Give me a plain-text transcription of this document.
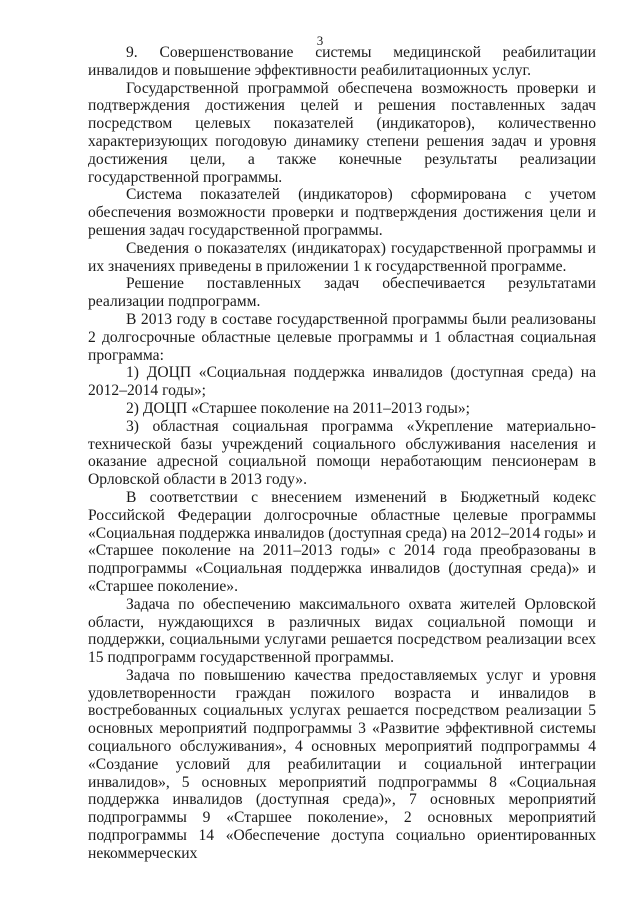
3

9. Совершенствование системы медицинской реабилитации инвалидов и повышение эффективности реабилитационных услуг.

Государственной программой обеспечена возможность проверки и подтверждения достижения целей и решения поставленных задач посредством целевых показателей (индикаторов), количественно характеризующих погодовую динамику степени решения задач и уровня достижения цели, а также конечные результаты реализации государственной программы.

Система показателей (индикаторов) сформирована с учетом обеспечения возможности проверки и подтверждения достижения цели и решения задач государственной программы.

Сведения о показателях (индикаторах) государственной программы и их значениях приведены в приложении 1 к государственной программе.

Решение поставленных задач обеспечивается результатами реализации подпрограмм.

В 2013 году в составе государственной программы были реализованы 2 долгосрочные областные целевые программы и 1 областная социальная программа:

1) ДОЦП «Социальная поддержка инвалидов (доступная среда) на 2012–2014 годы»;

2) ДОЦП «Старшее поколение на 2011–2013 годы»;

3) областная социальная программа «Укрепление материально-технической базы учреждений социального обслуживания населения и оказание адресной социальной помощи неработающим пенсионерам в Орловской области в 2013 году».

В соответствии с внесением изменений в Бюджетный кодекс Российской Федерации долгосрочные областные целевые программы «Социальная поддержка инвалидов (доступная среда) на 2012–2014 годы» и «Старшее поколение на 2011–2013 годы» с 2014 года преобразованы в подпрограммы «Социальная поддержка инвалидов (доступная среда)» и «Старшее поколение».

Задача по обеспечению максимального охвата жителей Орловской области, нуждающихся в различных видах социальной помощи и поддержки, социальными услугами решается посредством реализации всех 15 подпрограмм государственной программы.

Задача по повышению качества предоставляемых услуг и уровня удовлетворенности граждан пожилого возраста и инвалидов в востребованных социальных услугах решается посредством реализации 5 основных мероприятий подпрограммы 3 «Развитие эффективной системы социального обслуживания», 4 основных мероприятий подпрограммы 4 «Создание условий для реабилитации и социальной интеграции инвалидов», 5 основных мероприятий подпрограммы 8 «Социальная поддержка инвалидов (доступная среда)», 7 основных мероприятий подпрограммы 9 «Старшее поколение», 2 основных мероприятий подпрограммы 14 «Обеспечение доступа социально ориентированных некоммерческих
